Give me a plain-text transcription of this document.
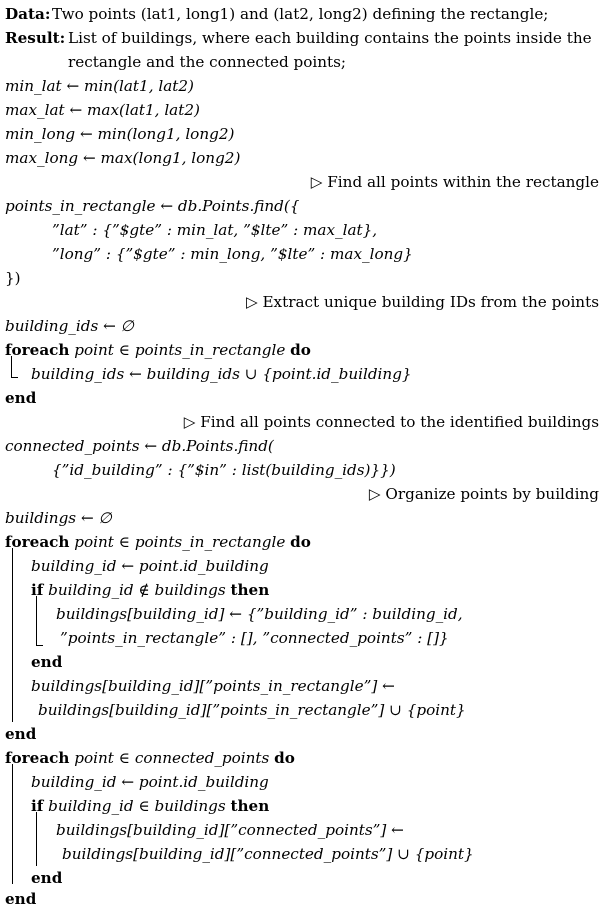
Data: Two points (lat1, long1) and (lat2, long2) defining the rectangle;
Result: List of buildings, where each building contains the points inside the
rectangle and the connected points;
min_lat ← min(lat1, lat2)
max_lat ← max(lat1, lat2)
min_long ← min(long1, long2)
max_long ← max(long1, long2)
▷ Find all points within the rectangle
points_in_rectangle ← db.Points.find({
”lat” : {”$gte” : min_lat, ”$lte” : max_lat},
”long” : {”$gte” : min_long, ”$lte” : max_long}
})
▷ Extract unique building IDs from the points
building_ids ← ∅
foreach point ∈ points_in_rectangle do
building_ids ← building_ids ∪ {point.id_building}
end
▷ Find all points connected to the identified buildings
connected_points ← db.Points.find(
{”id_building” : {”$in” : list(building_ids)}})
▷ Organize points by building
buildings ← ∅
foreach point ∈ points_in_rectangle do
building_id ← point.id_building
if building_id ∉ buildings then
buildings[building_id] ← {”building_id” : building_id,
”points_in_rectangle” : [], ”connected_points” : []}
end
buildings[building_id][”points_in_rectangle”] ←
buildings[building_id][”points_in_rectangle”] ∪ {point}
end
foreach point ∈ connected_points do
building_id ← point.id_building
if building_id ∈ buildings then
buildings[building_id][”connected_points”] ←
buildings[building_id][”connected_points”] ∪ {point}
end
end
